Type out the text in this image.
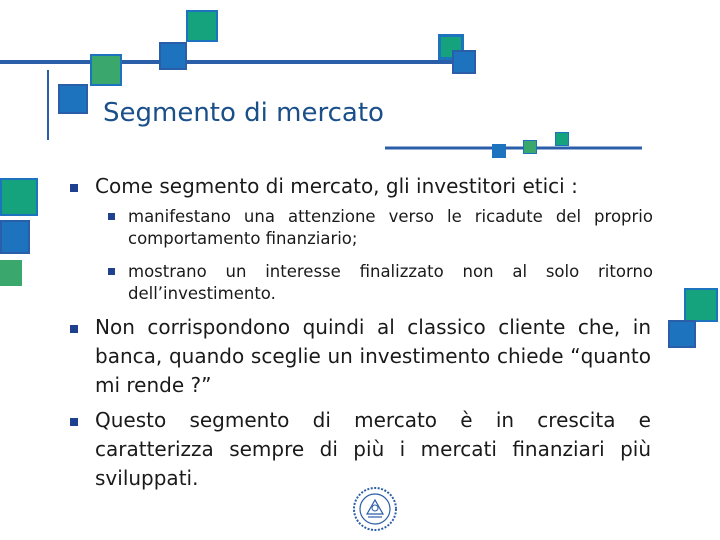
Segmento di mercato
Come segmento di mercato, gli investitori etici :
manifestano una attenzione verso le ricadute del proprio comportamento finanziario;
mostrano un interesse finalizzato non al solo ritorno dell’investimento.
Non corrispondono quindi al classico cliente che, in banca, quando sceglie un investimento chiede “quanto mi rende ?”
Questo segmento di mercato è in crescita e caratterizza sempre di più i mercati finanziari più sviluppati.
